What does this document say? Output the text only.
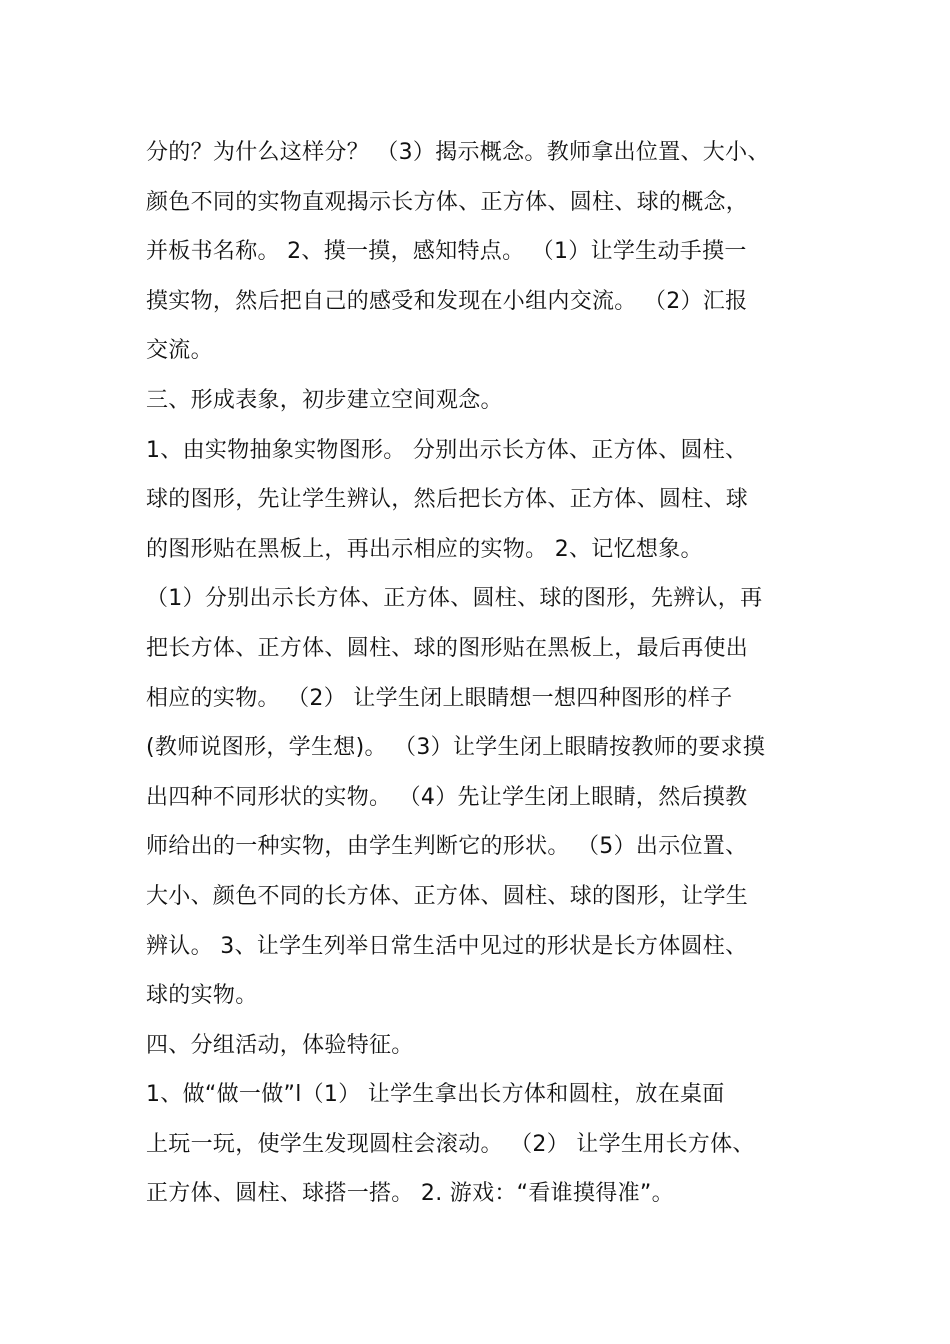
分的？为什么这样分？ （3）揭示概念。教师拿出位置、大小、
颜色不同的实物直观揭示长方体、正方体、圆柱、球的概念，
并板书名称。 2、摸一摸，感知特点。 （1）让学生动手摸一
摸实物，然后把自己的感受和发现在小组内交流。 （2）汇报
交流。
三、形成表象，初步建立空间观念。
1、由实物抽象实物图形。 分别出示长方体、正方体、圆柱、
球的图形，先让学生辨认，然后把长方体、正方体、圆柱、球
的图形贴在黑板上，再出示相应的实物。 2、记忆想象。
（1）分别出示长方体、正方体、圆柱、球的图形，先辨认，再
把长方体、正方体、圆柱、球的图形贴在黑板上，最后再使出
相应的实物。 （2） 让学生闭上眼睛想一想四种图形的样子
(教师说图形，学生想)。 （3）让学生闭上眼睛按教师的要求摸
出四种不同形状的实物。 （4）先让学生闭上眼睛，然后摸教
师给出的一种实物，由学生判断它的形状。 （5）出示位置、
大小、颜色不同的长方体、正方体、圆柱、球的图形，让学生
辨认。 3、让学生列举日常生活中见过的形状是长方体圆柱、
球的实物。
四、分组活动，体验特征。
1、做“做一做”l（1） 让学生拿出长方体和圆柱，放在桌面
上玩一玩，使学生发现圆柱会滚动。 （2） 让学生用长方体、
正方体、圆柱、球搭一搭。 2. 游戏：“看谁摸得准”。
